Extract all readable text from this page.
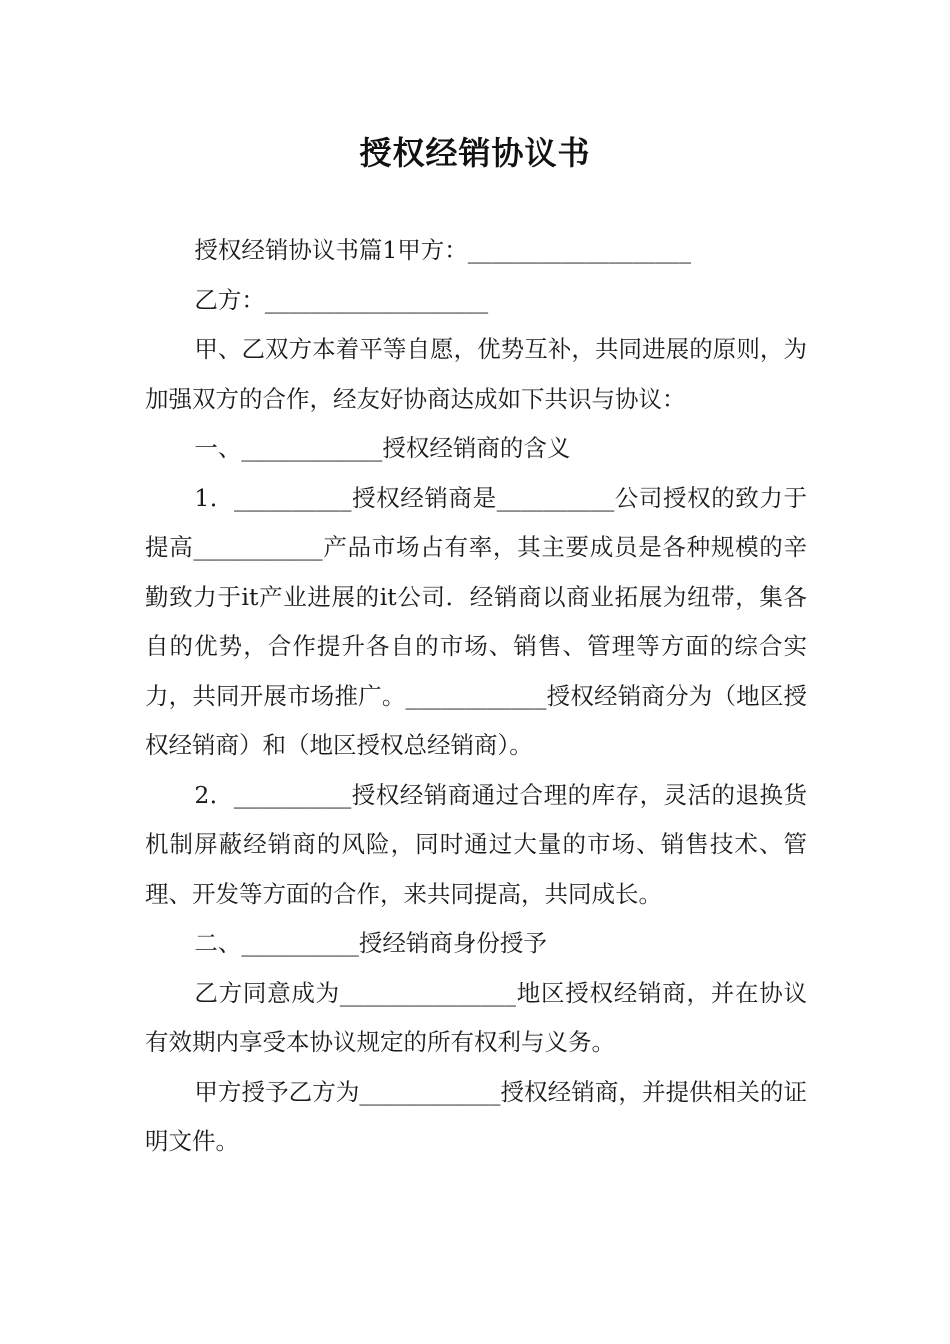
授权经销协议书

授权经销协议书篇1甲方：___________________

乙方：___________________

甲、乙双方本着平等自愿，优势互补，共同进展的原则，为加强双方的合作，经友好协商达成如下共识与协议：

一、____________授权经销商的含义

1．__________授权经销商是__________公司授权的致力于提高___________产品市场占有率，其主要成员是各种规模的辛勤致力于it产业进展的it公司．经销商以商业拓展为纽带，集各自的优势，合作提升各自的市场、销售、管理等方面的综合实力，共同开展市场推广。____________授权经销商分为（地区授权经销商）和（地区授权总经销商）。

2．__________授权经销商通过合理的库存，灵活的退换货机制屏蔽经销商的风险，同时通过大量的市场、销售技术、管理、开发等方面的合作，来共同提高，共同成长。

二、__________授经销商身份授予

乙方同意成为_______________地区授权经销商，并在协议有效期内享受本协议规定的所有权利与义务。

甲方授予乙方为____________授权经销商，并提供相关的证明文件。
